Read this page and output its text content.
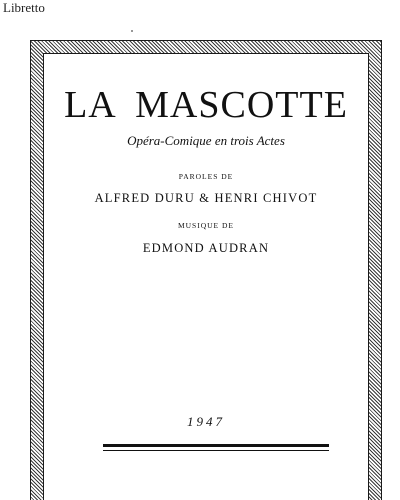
Libretto
LA MASCOTTE
Opéra-Comique en trois Actes
PAROLES DE
ALFRED DURU & HENRI CHIVOT
MUSIQUE DE
EDMOND AUDRAN
1947
